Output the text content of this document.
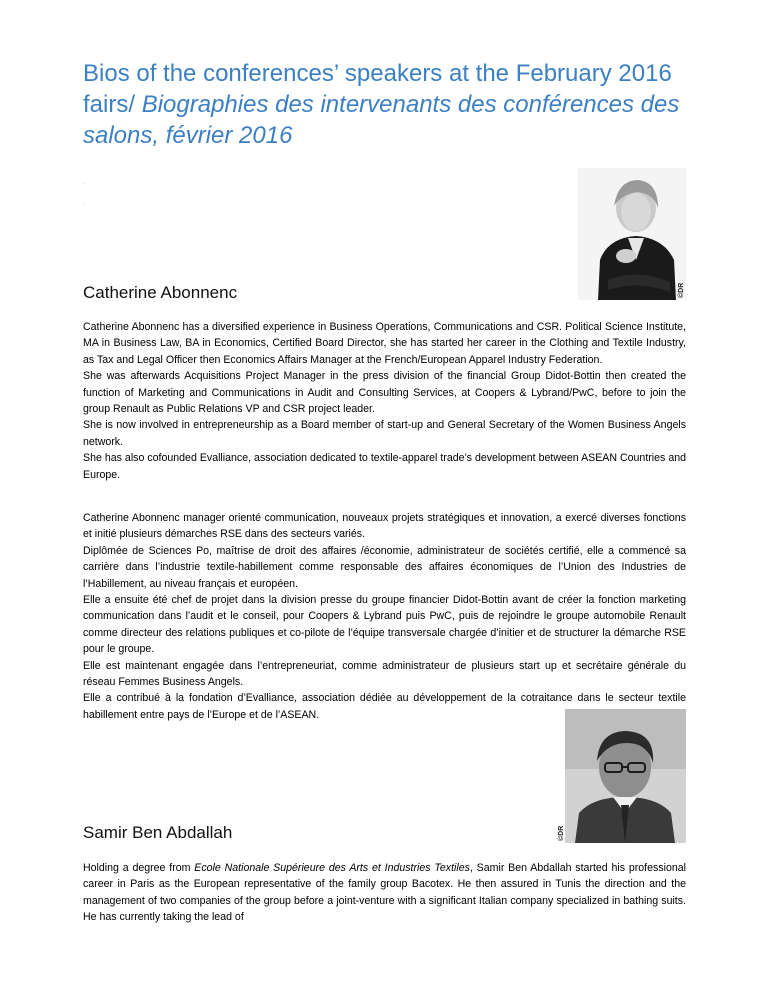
Bios of the conferences’ speakers at the February 2016 fairs/ Biographies des intervenants des conférences des salons, février 2016
.
.
©DR
Catherine Abonnenc

Catherine Abonnenc has a diversified experience in Business Operations, Communications and CSR. Political Science Institute, MA in Business Law, BA in Economics, Certified Board Director, she has started her career in the Clothing and Textile Industry, as Tax and Legal Officer then Economics Affairs Manager at the French/European Apparel Industry Federation.

She was afterwards Acquisitions Project Manager in the press division of the financial Group Didot-Bottin then created the function of Marketing and Communications in Audit and Consulting Services, at Coopers & Lybrand/PwC, before to join the group Renault as Public Relations VP and CSR project leader.

She is now involved in entrepreneurship as a Board member of start-up and General Secretary of the Women Business Angels network.

She has also cofounded Evalliance, association dedicated to textile-apparel trade’s development between ASEAN Countries and Europe.

Catherine Abonnenc manager orienté communication, nouveaux projets stratégiques et innovation, a exercé diverses fonctions et initié plusieurs démarches RSE dans des secteurs variés.

Diplômée de Sciences Po, maîtrise de droit des affaires /économie, administrateur de sociétés certifié, elle a commencé sa carrière dans l’industrie textile-habillement comme responsable des affaires économiques de l’Union des Industries de l’Habillement, au niveau français et européen.

Elle a ensuite été chef de projet dans la division presse du groupe financier Didot-Bottin avant de créer la fonction marketing communication dans l’audit et le conseil, pour Coopers & Lybrand puis PwC, puis de rejoindre le groupe automobile Renault comme directeur des relations publiques et co-pilote de l’équipe transversale chargée d’initier et de structurer la démarche RSE pour le groupe.

Elle est maintenant engagée dans l’entrepreneuriat, comme administrateur de plusieurs start up et secrétaire générale du réseau Femmes Business Angels.

Elle a contribué à la fondation d’Evalliance, association dédiée au développement de la cotraitance dans le secteur textile habillement entre pays de l’Europe et de l’ASEAN.

©DR
Samir Ben Abdallah

Holding a degree from Ecole Nationale Supérieure des Arts et Industries Textiles, Samir Ben Abdallah started his professional career in Paris as the European representative of the family group Bacotex. He then assured in Tunis the direction and the management of two companies of the group before a joint-venture with a significant Italian company specialized in bathing suits. He has currently taking the lead of
